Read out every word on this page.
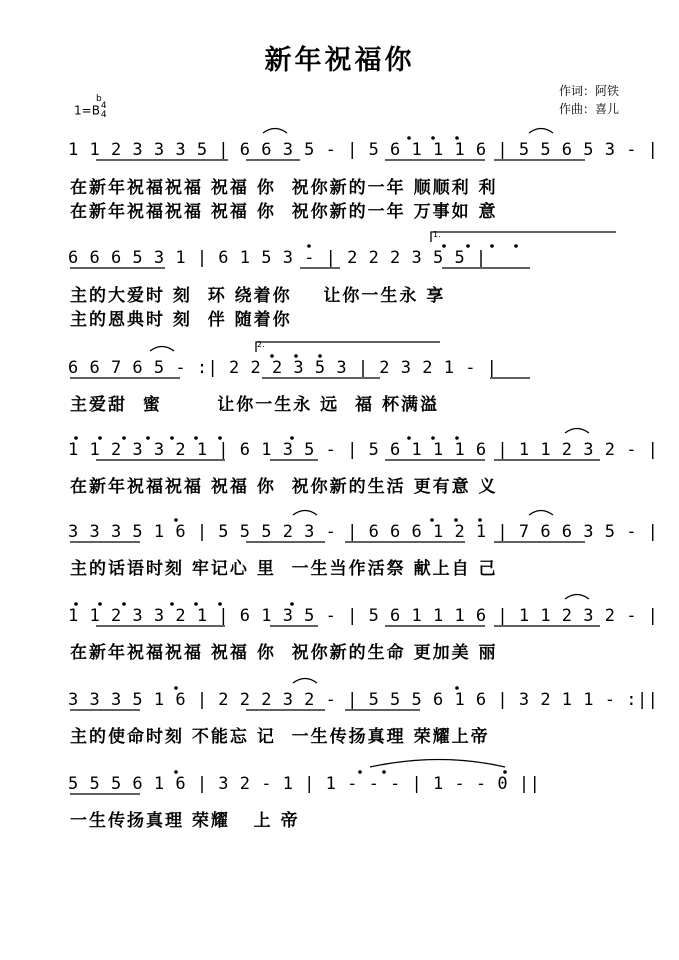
新年祝福你
作词：阿铁
作曲：喜儿
1=B4
4
b
1 1 2 3 3 3 5 | 6 6 3 5 - | 5 6 1 1 1 6 | 5 5 6 5 3 - |
在新年祝福祝福 祝福 你  祝你新的一年 顺顺利 利
在新年祝福祝福 祝福 你  祝你新的一年 万事如 意
6 6 6 5 3 1 | 6 1 5 3 - | 2 2 2 3 5 5 |
1.
主的大爱时 刻  环 绕着你    让你一生永 享
主的恩典时 刻  伴 随着你
6 6 7 6 5 - :| 2 2 2 3 5 3 | 2 3 2 1 - |
2.
主爱甜  蜜       让你一生永 远  福 杯满溢
1 1 2 3 3 2 1 | 6 1 3 5 - | 5 6 1 1 1 6 | 1 1 2 3 2 - |
在新年祝福祝福 祝福 你  祝你新的生活 更有意 义
3 3 3 5 1 6 | 5 5 5 2 3 - | 6 6 6 1 2 1 | 7 6 6 3 5 - |
主的话语时刻 牢记心 里  一生当作活祭 献上自 己
1 1 2 3 3 2 1 | 6 1 3 5 - | 5 6 1 1 1 6 | 1 1 2 3 2 - |
在新年祝福祝福 祝福 你  祝你新的生命 更加美 丽
3 3 3 5 1 6 | 2 2 2 3 2 - | 5 5 5 6 1 6 | 3 2 1 1 - :||
主的使命时刻 不能忘 记  一生传扬真理 荣耀上帝
5 5 5 6 1 6 | 3 2 - 1 | 1 - - - | 1 - - 0 ||
一生传扬真理 荣耀   上 帝
